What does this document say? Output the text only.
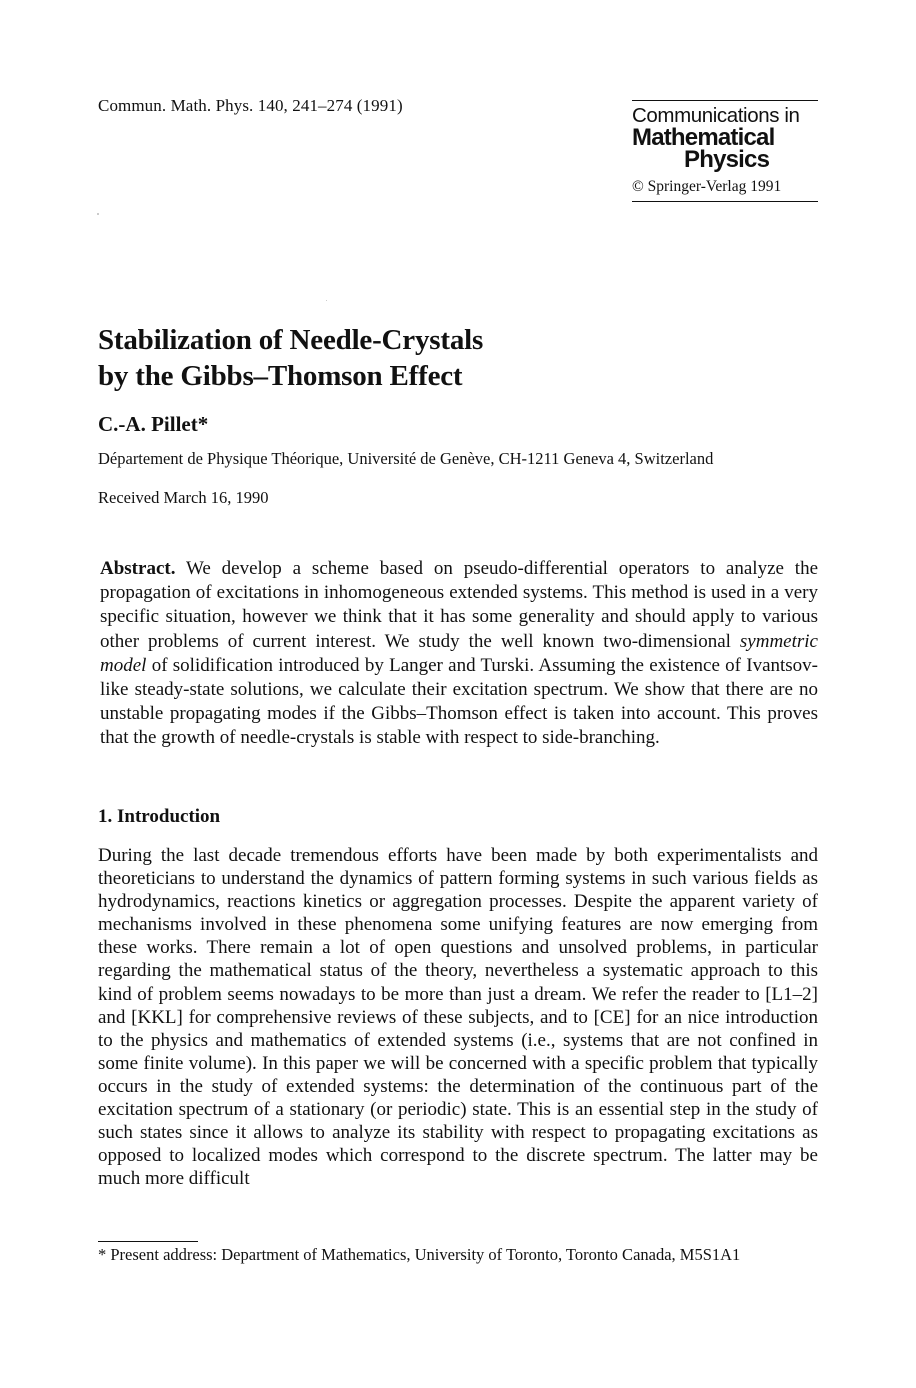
Commun. Math. Phys. 140, 241–274 (1991)	Communications in
Mathematical
Physics
© Springer-Verlag 1991
Stabilization of Needle-Crystals
by the Gibbs–Thomson Effect
C.-A. Pillet*
Département de Physique Théorique, Université de Genève, CH-1211 Geneva 4, Switzerland
Received March 16, 1990
Abstract. We develop a scheme based on pseudo-differential operators to analyze the propagation of excitations in inhomogeneous extended systems. This method is used in a very specific situation, however we think that it has some generality and should apply to various other problems of current interest. We study the well known two-dimensional symmetric model of solidification introduced by Langer and Turski. Assuming the existence of Ivantsov-like steady-state solutions, we calculate their excitation spectrum. We show that there are no unstable propagating modes if the Gibbs–Thomson effect is taken into account. This proves that the growth of needle-crystals is stable with respect to side-branching.
1. Introduction
During the last decade tremendous efforts have been made by both experimentalists and theoreticians to understand the dynamics of pattern forming systems in such various fields as hydrodynamics, reactions kinetics or aggregation processes. Despite the apparent variety of mechanisms involved in these phenomena some unifying features are now emerging from these works. There remain a lot of open questions and unsolved problems, in particular regarding the mathematical status of the theory, nevertheless a systematic approach to this kind of problem seems nowadays to be more than just a dream. We refer the reader to [L1–2] and [KKL] for comprehensive reviews of these subjects, and to [CE] for an nice introduction to the physics and mathematics of extended systems (i.e., systems that are not confined in some finite volume). In this paper we will be concerned with a specific problem that typically occurs in the study of extended systems: the determination of the continuous part of the excitation spectrum of a stationary (or periodic) state. This is an essential step in the study of such states since it allows to analyze its stability with respect to propagating excitations as opposed to localized modes which correspond to the discrete spectrum. The latter may be much more difficult
* Present address: Department of Mathematics, University of Toronto, Toronto Canada, M5S1A1
